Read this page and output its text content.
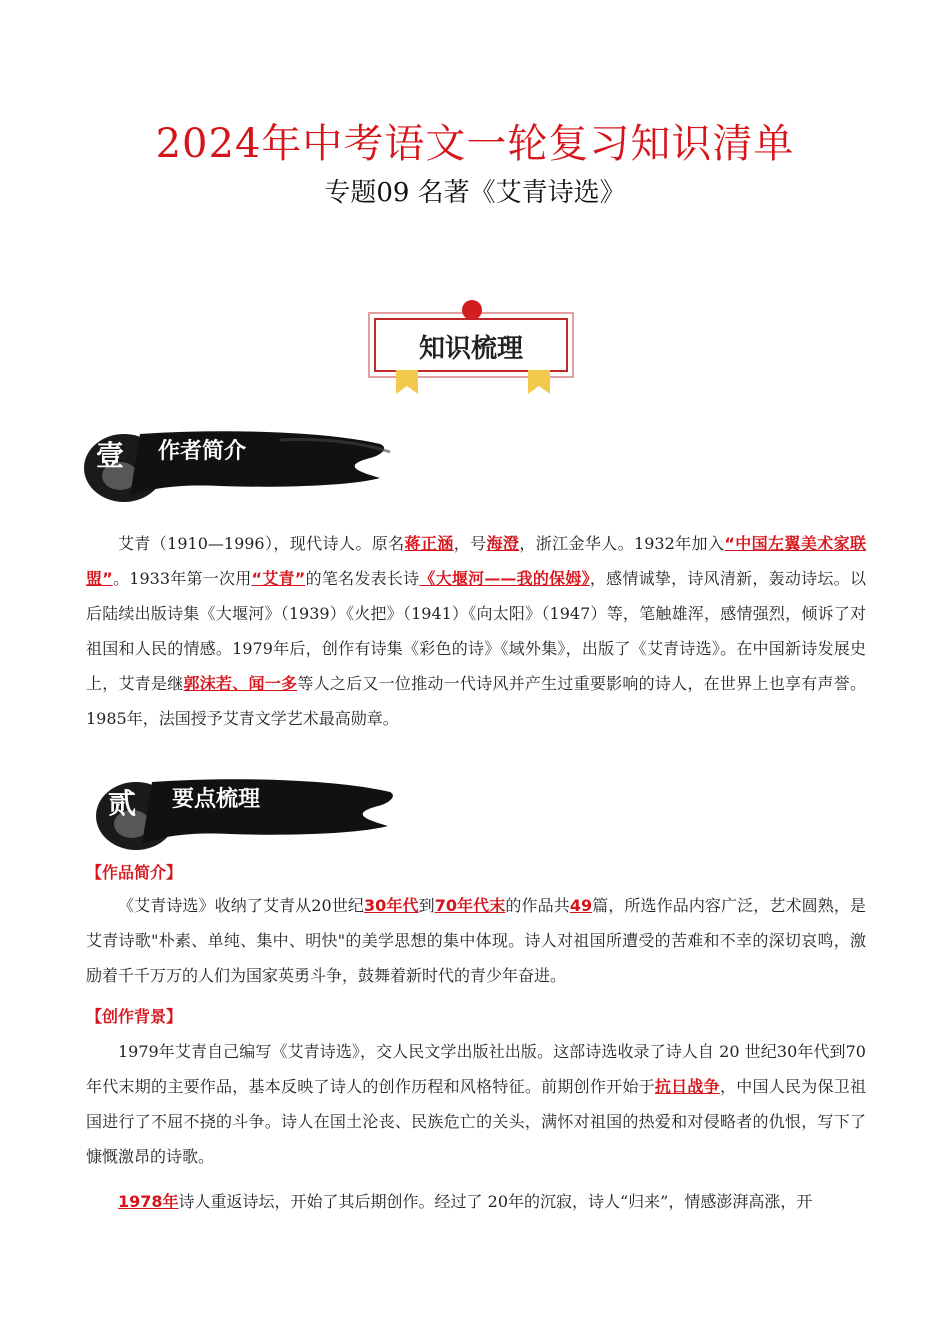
2024年中考语文一轮复习知识清单
专题09 名著《艾青诗选》
知识梳理
壹 作者简介

艾青（1910—1996），现代诗人。原名蒋正涵，号海澄，浙江金华人。1932年加入“中国左翼美术家联盟”。1933年第一次用“艾青”的笔名发表长诗《大堰河——我的保姆》，感情诚挚，诗风清新，轰动诗坛。以后陆续出版诗集《大堰河》（1939）《火把》（1941）《向太阳》（1947）等，笔触雄浑，感情强烈，倾诉了对祖国和人民的情感。1979年后，创作有诗集《彩色的诗》《域外集》，出版了《艾青诗选》。在中国新诗发展史上，艾青是继郭沫若、闻一多等人之后又一位推动一代诗风并产生过重要影响的诗人，在世界上也享有声誉。1985年，法国授予艾青文学艺术最高勋章。

贰 要点梳理
【作品简介】

《艾青诗选》收纳了艾青从20世纪30年代到70年代末的作品共49篇，所选作品内容广泛，艺术圆熟，是艾青诗歌"朴素、单纯、集中、明快"的美学思想的集中体现。诗人对祖国所遭受的苦难和不幸的深切哀鸣，激励着千千万万的人们为国家英勇斗争，鼓舞着新时代的青少年奋进。

【创作背景】

1979年艾青自己编写《艾青诗选》，交人民文学出版社出版。这部诗选收录了诗人自 20 世纪30年代到70年代末期的主要作品，基本反映了诗人的创作历程和风格特征。前期创作开始于抗日战争，中国人民为保卫祖国进行了不屈不挠的斗争。诗人在国土沦丧、民族危亡的关头，满怀对祖国的热爱和对侵略者的仇恨，写下了慷慨激昂的诗歌。

1978年诗人重返诗坛，开始了其后期创作。经过了 20年的沉寂，诗人“归来”，情感澎湃高涨，开
